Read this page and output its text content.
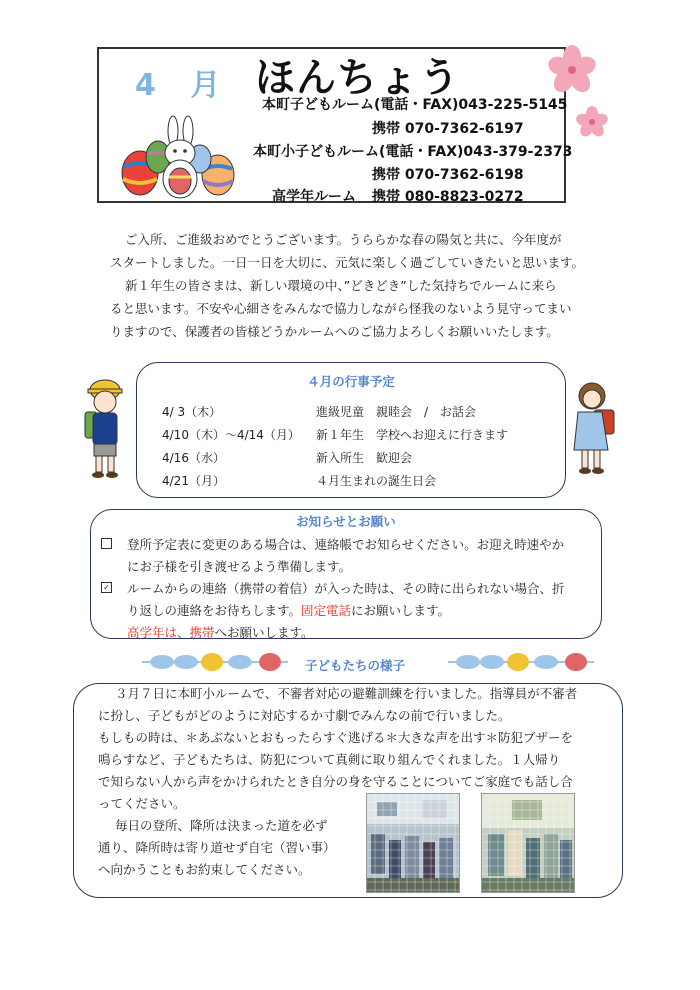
4 月 ほんちょう
本町子どもルーム(電話・FAX)043-225-5145
携帯 070-7362-6197
本町小子どもルーム(電話・FAX)043-379-2373
携帯 070-7362-6198
高学年ルーム 携帯 080-8823-0272
ご入所、ご進級おめでとうございます。うららかな春の陽気と共に、今年度が
スタートしました。一日一日を大切に、元気に楽しく過ごしていきたいと思います。
新１年生の皆さまは、新しい環境の中、”どきどき”した気持ちでルームに来ら
ると思います。不安や心細さをみんなで協力しながら怪我のないよう見守ってまい
りますので、保護者の皆様どうかルームへのご協力よろしくお願いいたします。
４月の行事予定
4/ 3（木）	進級児童　親睦会　/　お話会
4/10（木）～4/14（月） 新１年生　学校へお迎えに行きます
4/16（水）	新入所生　歓迎会
4/21（月）	４月生まれの誕生日会
お知らせとお願い
登所予定表に変更のある場合は、連絡帳でお知らせください。お迎え時速やか
にお子様を引き渡せるよう準備します。
✓ ルームからの連絡（携帯の着信）が入った時は、その時に出られない場合、折
り返しの連絡をお待ちします。固定電話にお願いします。
高学年は、携帯へお願いします。
子どもたちの様子
３月７日に本町小ルームで、不審者対応の避難訓練を行いました。指導員が不審者
に扮し、子どもがどのように対応するか寸劇でみんなの前で行いました。
もしもの時は、＊あぶないとおもったらすぐ逃げる＊大きな声を出す＊防犯ブザーを
鳴らすなど、子どもたちは、防犯について真剣に取り組んでくれました。１人帰り
で知らない人から声をかけられたとき自分の身を守ることについてご家庭でも話し合
ってください。
毎日の登所、降所は決まった道を必ず
通り、降所時は寄り道せず自宅（習い事）
へ向かうこともお約束してください。
